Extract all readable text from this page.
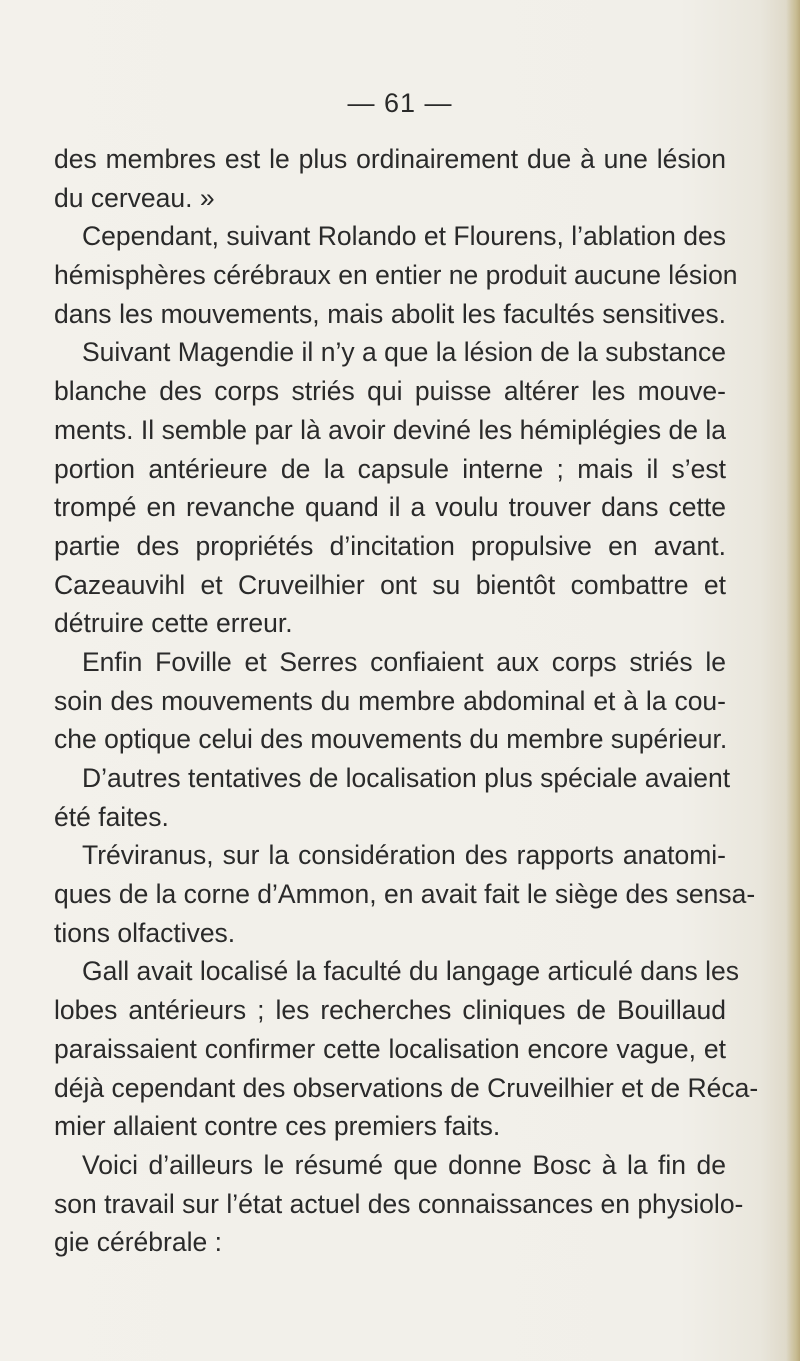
— 61 —
des membres est le plus ordinairement due à une lésion
du cerveau. »
Cependant, suivant Rolando et Flourens, l’ablation des
hémisphères cérébraux en entier ne produit aucune lésion
dans les mouvements, mais abolit les facultés sensitives.
Suivant Magendie il n’y a que la lésion de la substance
blanche des corps striés qui puisse altérer les mouve-
ments. Il semble par là avoir deviné les hémiplégies de la
portion antérieure de la capsule interne ; mais il s’est
trompé en revanche quand il a voulu trouver dans cette
partie des propriétés d’incitation propulsive en avant.
Cazeauvihl et Cruveilhier ont su bientôt combattre et
détruire cette erreur.
Enfin Foville et Serres confiaient aux corps striés le
soin des mouvements du membre abdominal et à la cou-
che optique celui des mouvements du membre supérieur.
D’autres tentatives de localisation plus spéciale avaient
été faites.
Tréviranus, sur la considération des rapports anatomi-
ques de la corne d’Ammon, en avait fait le siège des sensa-
tions olfactives.
Gall avait localisé la faculté du langage articulé dans les
lobes antérieurs ; les recherches cliniques de Bouillaud
paraissaient confirmer cette localisation encore vague, et
déjà cependant des observations de Cruveilhier et de Réca-
mier allaient contre ces premiers faits.
Voici d’ailleurs le résumé que donne Bosc à la fin de
son travail sur l’état actuel des connaissances en physiolo-
gie cérébrale :
